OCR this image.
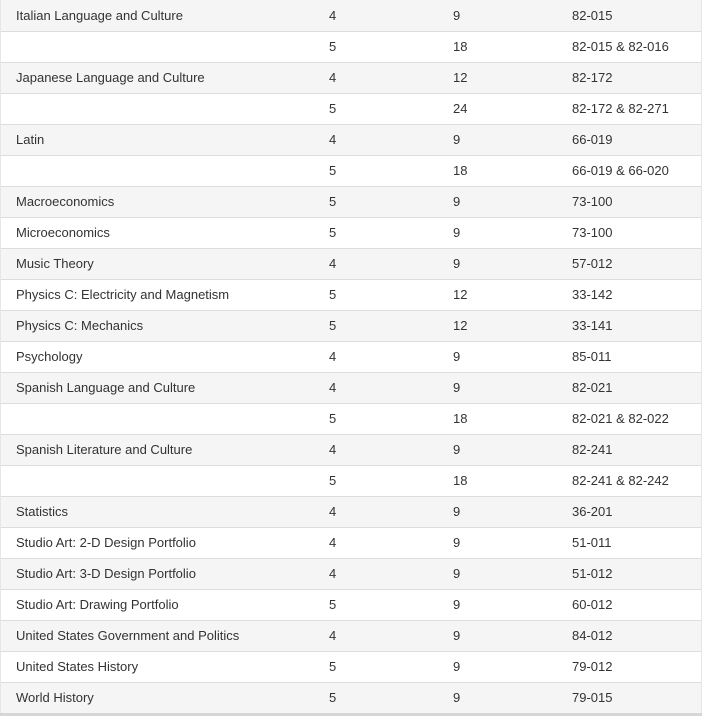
Italian Language and Culture	4	9	82-015
	5	18	82-015 & 82-016
Japanese Language and Culture	4	12	82-172
	5	24	82-172 & 82-271
Latin	4	9	66-019
	5	18	66-019 & 66-020
Macroeconomics	5	9	73-100
Microeconomics	5	9	73-100
Music Theory	4	9	57-012
Physics C: Electricity and Magnetism	5	12	33-142
Physics C: Mechanics	5	12	33-141
Psychology	4	9	85-011
Spanish Language and Culture	4	9	82-021
	5	18	82-021 & 82-022
Spanish Literature and Culture	4	9	82-241
	5	18	82-241 & 82-242
Statistics	4	9	36-201
Studio Art: 2-D Design Portfolio	4	9	51-011
Studio Art: 3-D Design Portfolio	4	9	51-012
Studio Art: Drawing Portfolio	5	9	60-012
United States Government and Politics	4	9	84-012
United States History	5	9	79-012
World History	5	9	79-015
